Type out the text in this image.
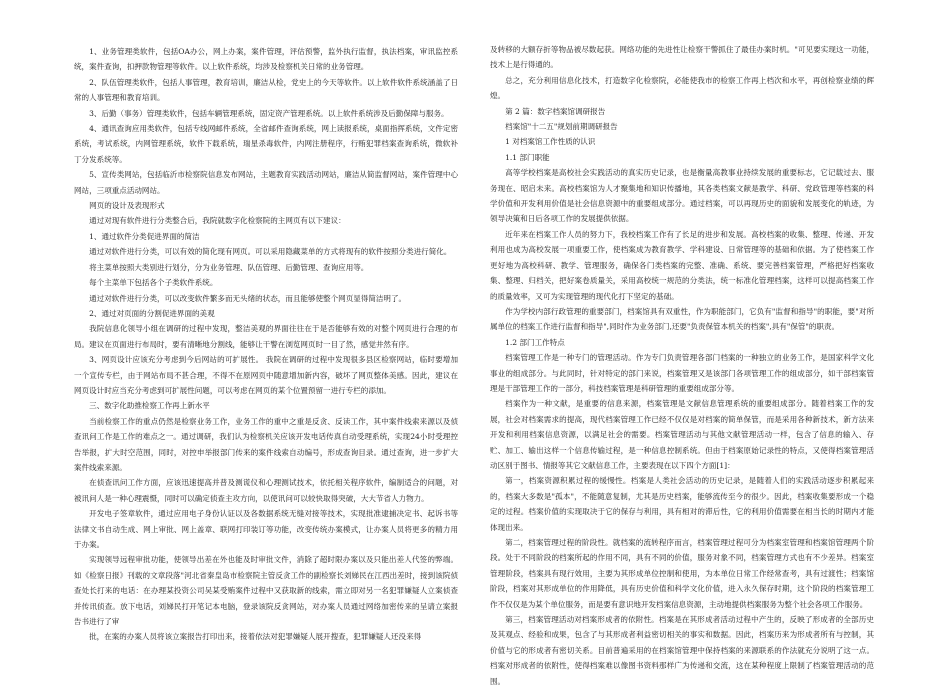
1、业务管理类软件，包括OA办公，网上办案，案件管理，评估预警，监外执行监督，执法档案，审讯监控系统，案件查询，扣押款物管理等软件。以上软件系统，均涉及检察机关日常的业务管理。

2、队伍管理类软件，包括人事管理，教育培训，廉洁从检，党史上的今天等软件。以上软件软件系统涵盖了日常的人事管理和教育培训。

3、后勤（事务）管理类软件，包括车辆管理系统，固定资产管理系统。以上软件系统涉及后勤保障与服务。

4、通讯查询应用类软件，包括专线网邮件系统，全省邮件查询系统，网上读报系统，桌面指挥系统，文件定密系统，考试系统，内网管理系统，软件下载系统，瑞星杀毒软件，内网注册程序，行贿犯罪档案查询系统，微软补丁分发系统等。

5、宣传类网站，包括临沂市检察院信息发布网站，主题教育实践活动网站，廉洁从简监督网站，案件管理中心网站，三项重点活动网站。

网页的设计及表现形式

通过对现有软件进行分类整合后，我院就数字化检察院的主网页有以下建议：

1、通过软件分类促进界面的简洁

通过对软件进行分类，可以有效的简化现有网页。可以采用隐藏菜单的方式将现有的软件按照分类进行简化。

将主菜单按照大类别进行划分，分为业务管理、队伍管理、后勤管理、查询应用等。

每个主菜单下包括各个子类软件系统。

通过对软件进行分类，可以改变软件繁多而无头绪的状态，而且能够使整个网页显得简洁明了。

2、通过对页面的分割促进界面的美观

我院信息化领导小组在调研的过程中发现，整洁美观的界面往往在于是否能够有效的对整个网页进行合理的布局。建议在页面进行布局时，要有清晰地分割线，能够让干警在浏览网页时一目了然，感觉井然有序。

3、网页设计应该充分考虑到今后网站的可扩展性。 我院在调研的过程中发现很多县区检察网站，临时要增加一个宣传专栏，由于网站布局不甚合理，不得不在原网页中随意增加新内容，破坏了网页整体美感。因此，建议在网页设计时应当充分考虑到可扩展性问题，可以考虑在网页的某个位置预留一进行专栏的添加。

三、数字化助推检察工作再上新水平

当前检察工作的重点仍然是检察业务工作，业务工作的重中之重是反贪、反读工作，其中案件线索来源以及侦查讯问工作是工作的难点之一。通过调研，我们认为检察机关应该开发电话传真自动受理系统，实现24小时受理控告举报，扩大时空范围，同时，对控申举报部门传来的案件线索自动编号，形成查询目录。通过查询，进一步扩大案件线索来源。

在侦查讯问工作方面，应该迅速提高并普及测谎仪和心理测试技术，依托相关程序软件，编制适合的问题，对被讯问人是一种心理震慑，同时可以确定侦查主攻方向，以使讯问可以较快取得突破，大大节省人力物力。

开发电子签章软件，通过应用电子身份认证以及各数据系统无缝对接等技术，实现批准逮捕决定书、起诉书等法律文书自动生成、网上审批、网上盖章、联网打印装订等功能，改变传统办案模式，让办案人员将更多的精力用于办案。

实现领导远程审批功能，使领导出差在外也能及时审批文件，消除了超时限办案以及只能出差人代签的弊端。如《检察日报》刊载的文章段落"河北省秦皇岛市检察院主管反贪工作的副检察长刘娣民在江西出差时，接到该院侦查处长打来的电话：在办理某投资公司吴某受贿案件过程中又获取新的线索，需立即对另一名犯罪嫌疑人立案侦查并传讯侦查。放下电话，刘娣民打开笔记本电脑，登录该院反贪网站，对办案人员通过网络加密传来的呈请立案报告书进行了审

批，在案的办案人员将该立案报告打印出来，接着依法对犯罪嫌疑人展开搜查，犯罪嫌疑人还没来得

及转移的大额存折等物品被尽数起获。网络功能的先进性让检察干警抓住了最佳办案时机。"可见要实现这一功能，技术上是行得通的。

总之，充分利用信息化技术，打造数字化检察院，必能使我市的检察工作再上档次和水平，再创检察业绩的辉煌。

第 2 篇：数字档案馆调研报告

档案馆"十二五"规划前期调研报告

1 对档案馆工作性质的认识

1.1 部门职能

高等学校档案是高校社会实践活动的真实历史记录，也是衡量高教事业持续发展的重要标志，它记载过去、服务现在、昭启未来。高校档案馆为人才聚集地和知识传播地，其各类档案文献是教学、科研、党政管理等档案的科学价值和开发利用价值是社会信息资源中的重要组成部分。通过档案，可以再现历史的面貌和发展变化的轨迹，为领导决策和日后各项工作的发展提供依据。

近年来在档案工作人员的努力下，我校档案工作有了长足的进步和发展。高校档案的收集、整理、传递、开发利用也成为高校发展一项重要工作，使档案成为教育教学、学科建设、日常管理等的基础和依据。为了使档案工作更好地为高校科研、教学、管理服务，确保各门类档案的完整、准确、系统、要完善档案管理，严格把好档案收集、整理、归档关，把好案卷质量关，采用高校统一规范的分类法，统一标准化管理档案，这样可以提高档案工作的质量效率，又可为实现管理的现代化打下坚定的基础。

作为学校内部行政管理的重要部门，档案馆具有双重性，作为职能部门，它负有"监督和指导"的职能，要"对所属单位的档案工作进行监督和指导",同时作为业务部门,还要"负责保管本机关的档案",具有"保管"的职责。

1.2 部门工作特点

档案管理工作是一种专门的管理活动。作为专门负责管理各部门档案的一种独立的业务工作，是国家科学文化事业的组成部分。与此同时，针对特定的部门来说，档案管理又是该部门各项管理工作的组成部分，如干部档案管理是干部管理工作的一部分，科技档案管理是科研管理的重要组成部分等。

档案作为一种文献，是重要的信息来源，档案管理是文献信息管理系统的重要组成部分。随着档案工作的发展，社会对档案需求的提高，现代档案管理工作已经不仅仅是对档案的简单保管，而是采用各种新技术，新方法来开发和利用档案信息资源，以满足社会的需要。档案管理活动与其他文献管理活动一样，包含了信息的输入、存贮、加工、输出这样一个信息传输过程，是一种信息控制系统。但由于档案原始记录性的特点，又使得档案管理活动区别于图书、情报等其它文献信息工作，主要表现在以下四个方面[1]：

第一，档案资源积累过程的缓慢性。档案是人类社会活动的历史记录，是随着人们的实践活动逐步积累起来的，档案大多数是"孤本"，不能随意复制，尤其是历史档案，能够流传至今的很少。因此，档案收集要形成一个稳定的过程。档案价值的实现取决于它的保存与利用，具有相对的滞后性，它的利用价值需要在相当长的时期内才能体现出来。

第二，档案管理过程的阶段性。就档案的流转程序而言，档案管理过程可分为档案室管理和档案馆管理两个阶段。处于不同阶段的档案所起的作用不同，具有不同的价值，服务对象不同，档案管理方式也有不少差异。档案室管理阶段，档案具有现行效用，主要为其形成单位控制和使用，为本单位日常工作经常查考，具有过渡性；档案馆阶段，档案对其形成单位的作用降低，具有历史价值和科学文化价值，进入永久保存时期，这个阶段的档案管理工作不仅仅是为某个单位服务，而是要有意识地开发档案信息资源，主动地提供档案服务为整个社会各项工作服务。

第三，档案管理活动对档案形成者的依附性。档案是在其形成者活动过程中产生的，反映了形成者的全部历史及其观点、经验和成果，包含了与其形成者利益密切相关的事实和数据。因此，档案历来为形成者所有与控制，其价值与它的形成者有密切关系。目前普遍采用的在档案馆管理中保持档案的来源联系的作法就充分说明了这一点。档案对形成者的依附性，使得档案难以像图书资料那样广为传递和交流，这在某种程度上限制了档案管理活动的范围。
